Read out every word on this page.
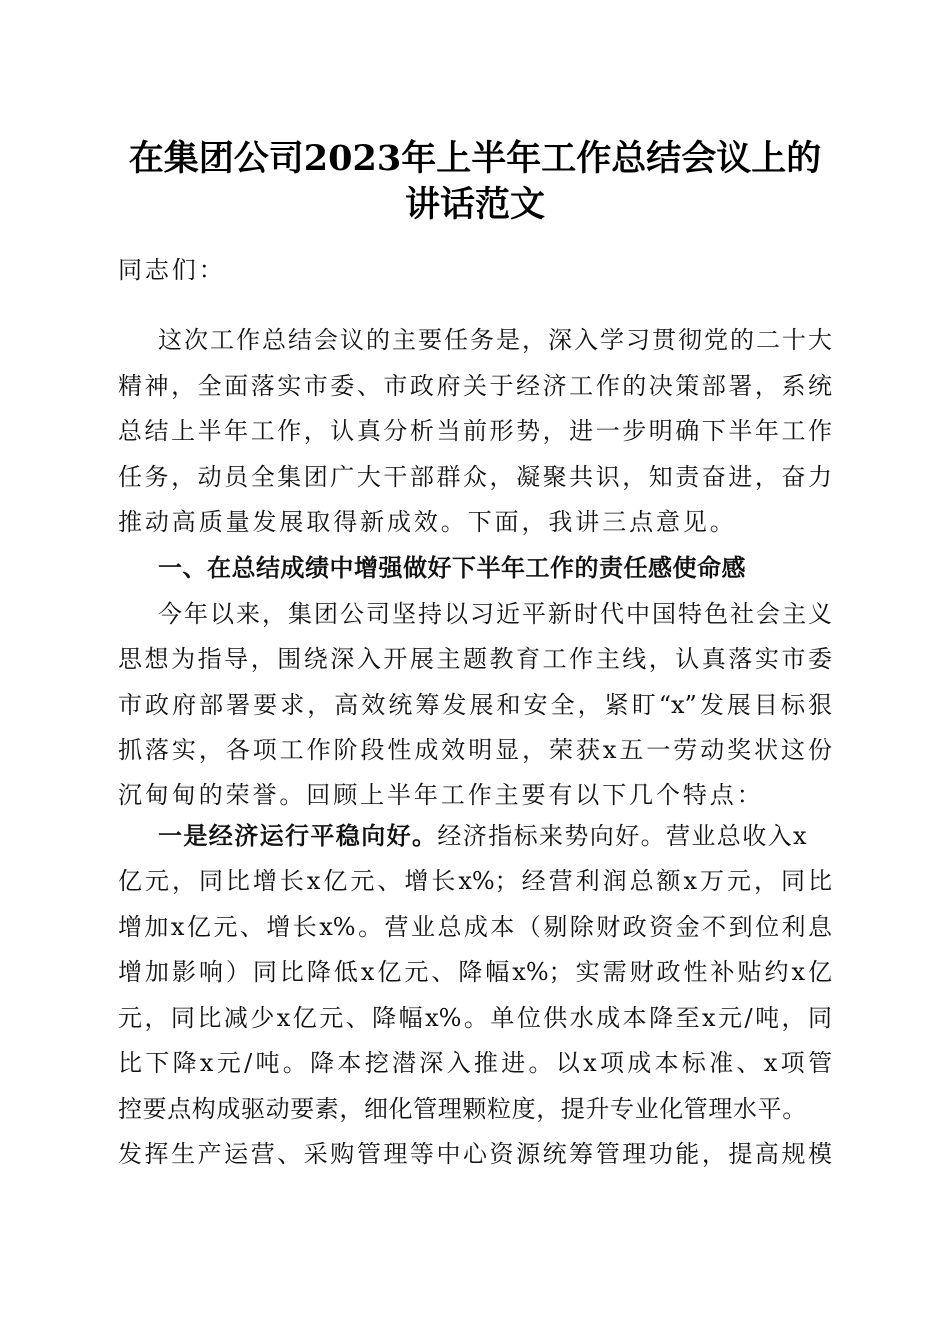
在集团公司2023年上半年工作总结会议上的
讲话范文
同志们：
这次工作总结会议的主要任务是，深入学习贯彻党的二十大
精神，全面落实市委、市政府关于经济工作的决策部署，系统
总结上半年工作，认真分析当前形势，进一步明确下半年工作
任务，动员全集团广大干部群众，凝聚共识，知责奋进，奋力
推动高质量发展取得新成效。下面，我讲三点意见。
一、在总结成绩中增强做好下半年工作的责任感使命感
今年以来，集团公司坚持以习近平新时代中国特色社会主义
思想为指导，围绕深入开展主题教育工作主线，认真落实市委
市政府部署要求，高效统筹发展和安全，紧盯“x”发展目标狠
抓落实，各项工作阶段性成效明显，荣获x五一劳动奖状这份
沉甸甸的荣誉。回顾上半年工作主要有以下几个特点：
一是经济运行平稳向好。经济指标来势向好。营业总收入x
亿元，同比增长x亿元、增长x%；经营利润总额x万元，同比
增加x亿元、增长x%。营业总成本（剔除财政资金不到位利息
增加影响）同比降低x亿元、降幅x%；实需财政性补贴约x亿
元，同比减少x亿元、降幅x%。单位供水成本降至x元/吨，同
比下降x元/吨。降本挖潜深入推进。以x项成本标准、x项管
控要点构成驱动要素，细化管理颗粒度，提升专业化管理水平。
发挥生产运营、采购管理等中心资源统筹管理功能，提高规模
